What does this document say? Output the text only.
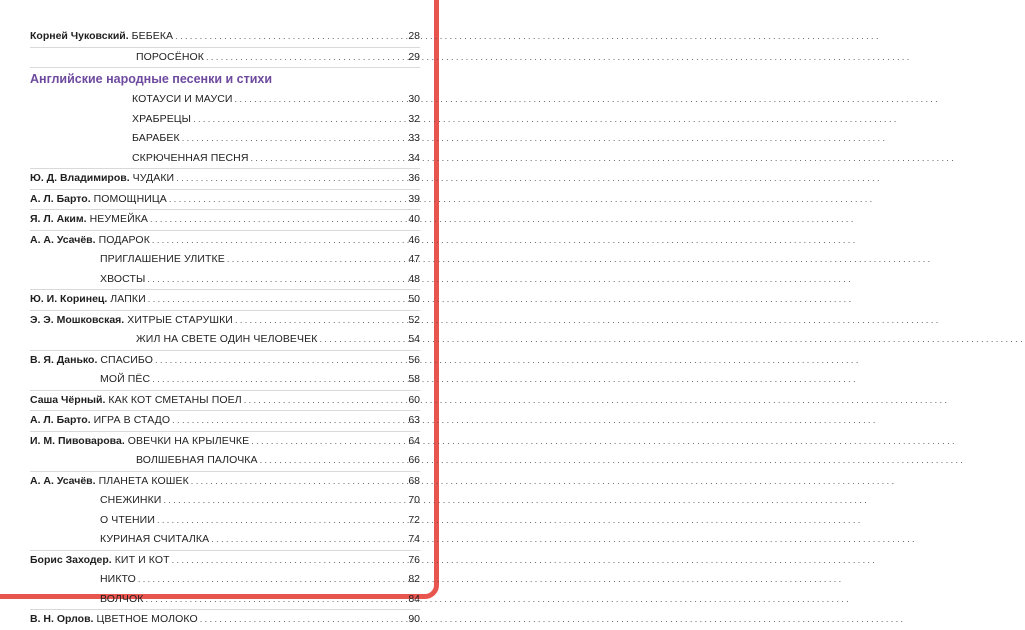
Корней Чуковский. БЕБЕКА .....	28
ПОРОСЁНОК .....	29
Английские народные песенки и стихи
КОТАУСИ И МАУСИ .....	30
ХРАБРЕЦЫ .....	32
БАРАБЕК .....	33
СКРЮЧЕННАЯ ПЕСНЯ .....	34
Ю. Д. Владимиров. ЧУДАКИ .....	36
А. Л. Барто. ПОМОЩНИЦА .....	39
Я. Л. Аким. НЕУМЕЙКА .....	40
А. А. Усачёв. ПОДАРОК .....	46
ПРИГЛАШЕНИЕ УЛИТКЕ .....	47
ХВОСТЫ .....	48
Ю. И. Коринец. ЛАПКИ .....	50
Э. Э. Мошковская. ХИТРЫЕ СТАРУШКИ .....	52
ЖИЛ НА СВЕТЕ ОДИН ЧЕЛОВЕЧЕК .....	54
В. Я. Данько. СПАСИБО .....	56
МОЙ ПЁС .....	58
Саша Чёрный. КАК КОТ СМЕТАНЫ ПОЕЛ .....	60
А. Л. Барто. ИГРА В СТАДО .....	63
И. М. Пивоварова. ОВЕЧКИ НА КРЫЛЕЧКЕ .....	64
ВОЛШЕБНАЯ ПАЛОЧКА .....	66
А. А. Усачёв. ПЛАНЕТА КОШЕК .....	68
СНЕЖИНКИ .....	70
О ЧТЕНИИ .....	72
КУРИНАЯ СЧИТАЛКА .....	74
Борис Заходер. КИТ И КОТ .....	76
НИКТО .....	82
ВОЛЧОК .....	84
В. Н. Орлов. ЦВЕТНОЕ МОЛОКО .....	90
